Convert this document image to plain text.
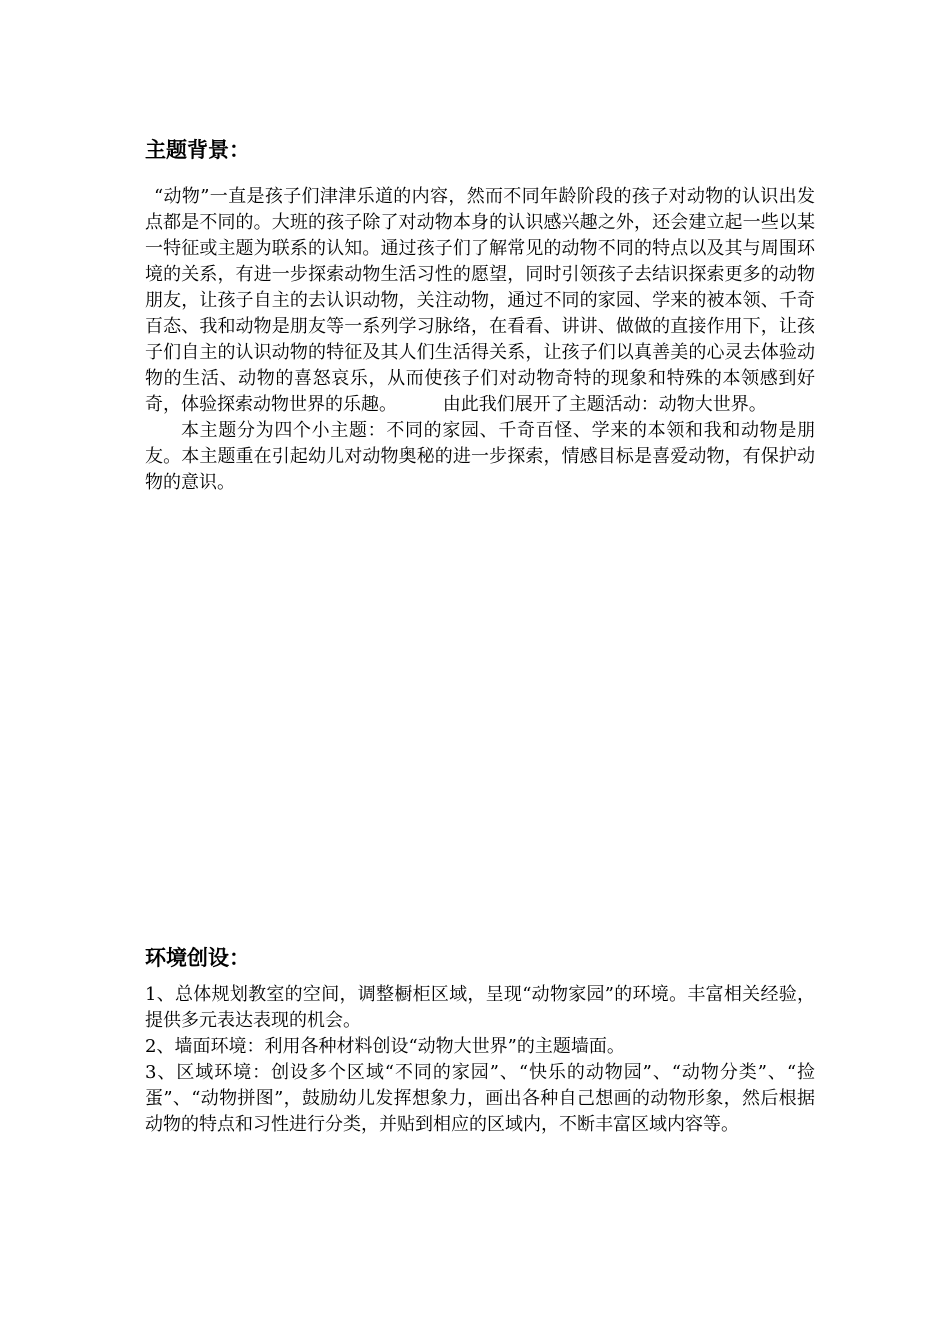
主题背景：

“动物”一直是孩子们津津乐道的内容，然而不同年龄阶段的孩子对动物的认识出发点都是不同的。大班的孩子除了对动物本身的认识感兴趣之外，还会建立起一些以某一特征或主题为联系的认知。通过孩子们了解常见的动物不同的特点以及其与周围环境的关系，有进一步探索动物生活习性的愿望，同时引领孩子去结识探索更多的动物朋友，让孩子自主的去认识动物，关注动物，通过不同的家园、学来的被本领、千奇百态、我和动物是朋友等一系列学习脉络，在看看、讲讲、做做的直接作用下，让孩子们自主的认识动物的特征及其人们生活得关系，让孩子们以真善美的心灵去体验动物的生活、动物的喜怒哀乐，从而使孩子们对动物奇特的现象和特殊的本领感到好奇，体验探索动物世界的乐趣。	由此我们展开了主题活动：动物大世界。

本主题分为四个小主题：不同的家园、千奇百怪、学来的本领和我和动物是朋友。本主题重在引起幼儿对动物奥秘的进一步探索，情感目标是喜爱动物，有保护动物的意识。

环境创设：

1、总体规划教室的空间，调整橱柜区域，呈现“动物家园”的环境。丰富相关经验，提供多元表达表现的机会。

2、墙面环境：利用各种材料创设“动物大世界”的主题墙面。

3、区域环境：创设多个区域“不同的家园”、“快乐的动物园”、“动物分类”、“捡蛋”、“动物拼图”，鼓励幼儿发挥想象力，画出各种自己想画的动物形象，然后根据动物的特点和习性进行分类，并贴到相应的区域内，不断丰富区域内容等。
